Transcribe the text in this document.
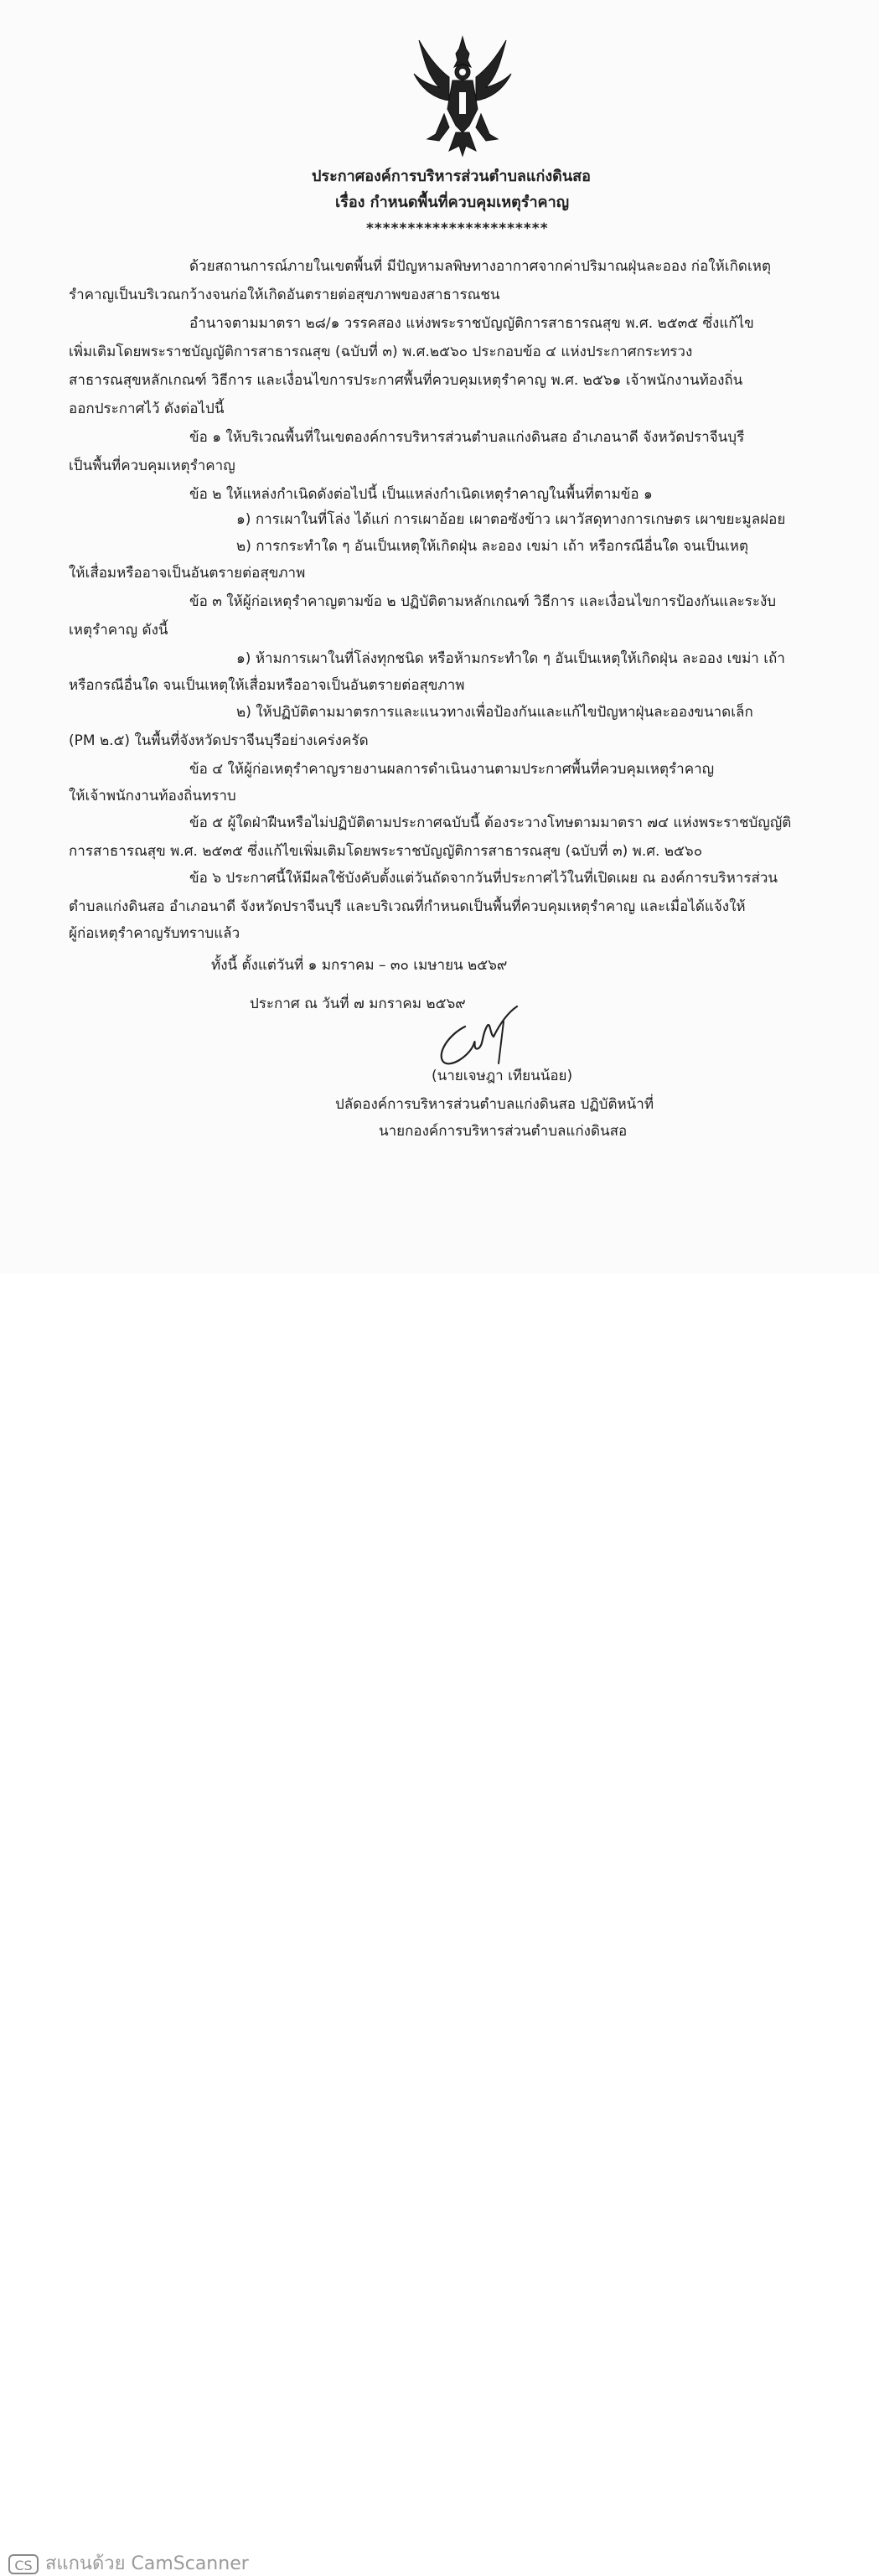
ประกาศองค์การบริหารส่วนตำบลแก่งดินสอ
เรื่อง กำหนดพื้นที่ควบคุมเหตุรำคาญ
**********************
ด้วยสถานการณ์ภายในเขตพื้นที่ มีปัญหามลพิษทางอากาศจากค่าปริมาณฝุ่นละออง ก่อให้เกิดเหตุ
รำคาญเป็นบริเวณกว้างจนก่อให้เกิดอันตรายต่อสุขภาพของสาธารณชน
อำนาจตามมาตรา ๒๘/๑ วรรคสอง แห่งพระราชบัญญัติการสาธารณสุข พ.ศ. ๒๕๓๕ ซึ่งแก้ไข
เพิ่มเติมโดยพระราชบัญญัติการสาธารณสุข (ฉบับที่ ๓) พ.ศ.๒๕๖๐ ประกอบข้อ ๔ แห่งประกาศกระทรวง
สาธารณสุขหลักเกณฑ์ วิธีการ และเงื่อนไขการประกาศพื้นที่ควบคุมเหตุรำคาญ พ.ศ. ๒๕๖๑ เจ้าพนักงานท้องถิ่น
ออกประกาศไว้ ดังต่อไปนี้
ข้อ ๑ ให้บริเวณพื้นที่ในเขตองค์การบริหารส่วนตำบลแก่งดินสอ อำเภอนาดี จังหวัดปราจีนบุรี
เป็นพื้นที่ควบคุมเหตุรำคาญ
ข้อ ๒ ให้แหล่งกำเนิดดังต่อไปนี้ เป็นแหล่งกำเนิดเหตุรำคาญในพื้นที่ตามข้อ ๑
๑) การเผาในที่โล่ง ได้แก่ การเผาอ้อย เผาตอซังข้าว เผาวัสดุทางการเกษตร เผาขยะมูลฝอย
๒) การกระทำใด ๆ อันเป็นเหตุให้เกิดฝุ่น ละออง เขม่า เถ้า หรือกรณีอื่นใด จนเป็นเหตุ
ให้เสื่อมหรืออาจเป็นอันตรายต่อสุขภาพ
ข้อ ๓ ให้ผู้ก่อเหตุรำคาญตามข้อ ๒ ปฏิบัติตามหลักเกณฑ์ วิธีการ และเงื่อนไขการป้องกันและระงับ
เหตุรำคาญ ดังนี้
๑) ห้ามการเผาในที่โล่งทุกชนิด หรือห้ามกระทำใด ๆ อันเป็นเหตุให้เกิดฝุ่น ละออง เขม่า เถ้า
หรือกรณีอื่นใด จนเป็นเหตุให้เสื่อมหรืออาจเป็นอันตรายต่อสุขภาพ
๒) ให้ปฏิบัติตามมาตรการและแนวทางเพื่อป้องกันและแก้ไขปัญหาฝุ่นละอองขนาดเล็ก
(PM ๒.๕) ในพื้นที่จังหวัดปราจีนบุรีอย่างเคร่งครัด
ข้อ ๔ ให้ผู้ก่อเหตุรำคาญรายงานผลการดำเนินงานตามประกาศพื้นที่ควบคุมเหตุรำคาญ
ให้เจ้าพนักงานท้องถิ่นทราบ
ข้อ ๕ ผู้ใดฝ่าฝืนหรือไม่ปฏิบัติตามประกาศฉบับนี้ ต้องระวางโทษตามมาตรา ๗๔ แห่งพระราชบัญญัติ
การสาธารณสุข พ.ศ. ๒๕๓๕ ซึ่งแก้ไขเพิ่มเติมโดยพระราชบัญญัติการสาธารณสุข (ฉบับที่ ๓) พ.ศ. ๒๕๖๐
ข้อ ๖ ประกาศนี้ให้มีผลใช้บังคับตั้งแต่วันถัดจากวันที่ประกาศไว้ในที่เปิดเผย ณ องค์การบริหารส่วน
ตำบลแก่งดินสอ อำเภอนาดี จังหวัดปราจีนบุรี และบริเวณที่กำหนดเป็นพื้นที่ควบคุมเหตุรำคาญ และเมื่อได้แจ้งให้
ผู้ก่อเหตุรำคาญรับทราบแล้ว
ทั้งนี้ ตั้งแต่วันที่ ๑ มกราคม – ๓๐ เมษายน ๒๕๖๙
ประกาศ ณ วันที่ ๗ มกราคม ๒๕๖๙
(นายเจษฎา เทียนน้อย)
ปลัดองค์การบริหารส่วนตำบลแก่งดินสอ ปฏิบัติหน้าที่
นายกองค์การบริหารส่วนตำบลแก่งดินสอ
CS สแกนด้วย CamScanner
